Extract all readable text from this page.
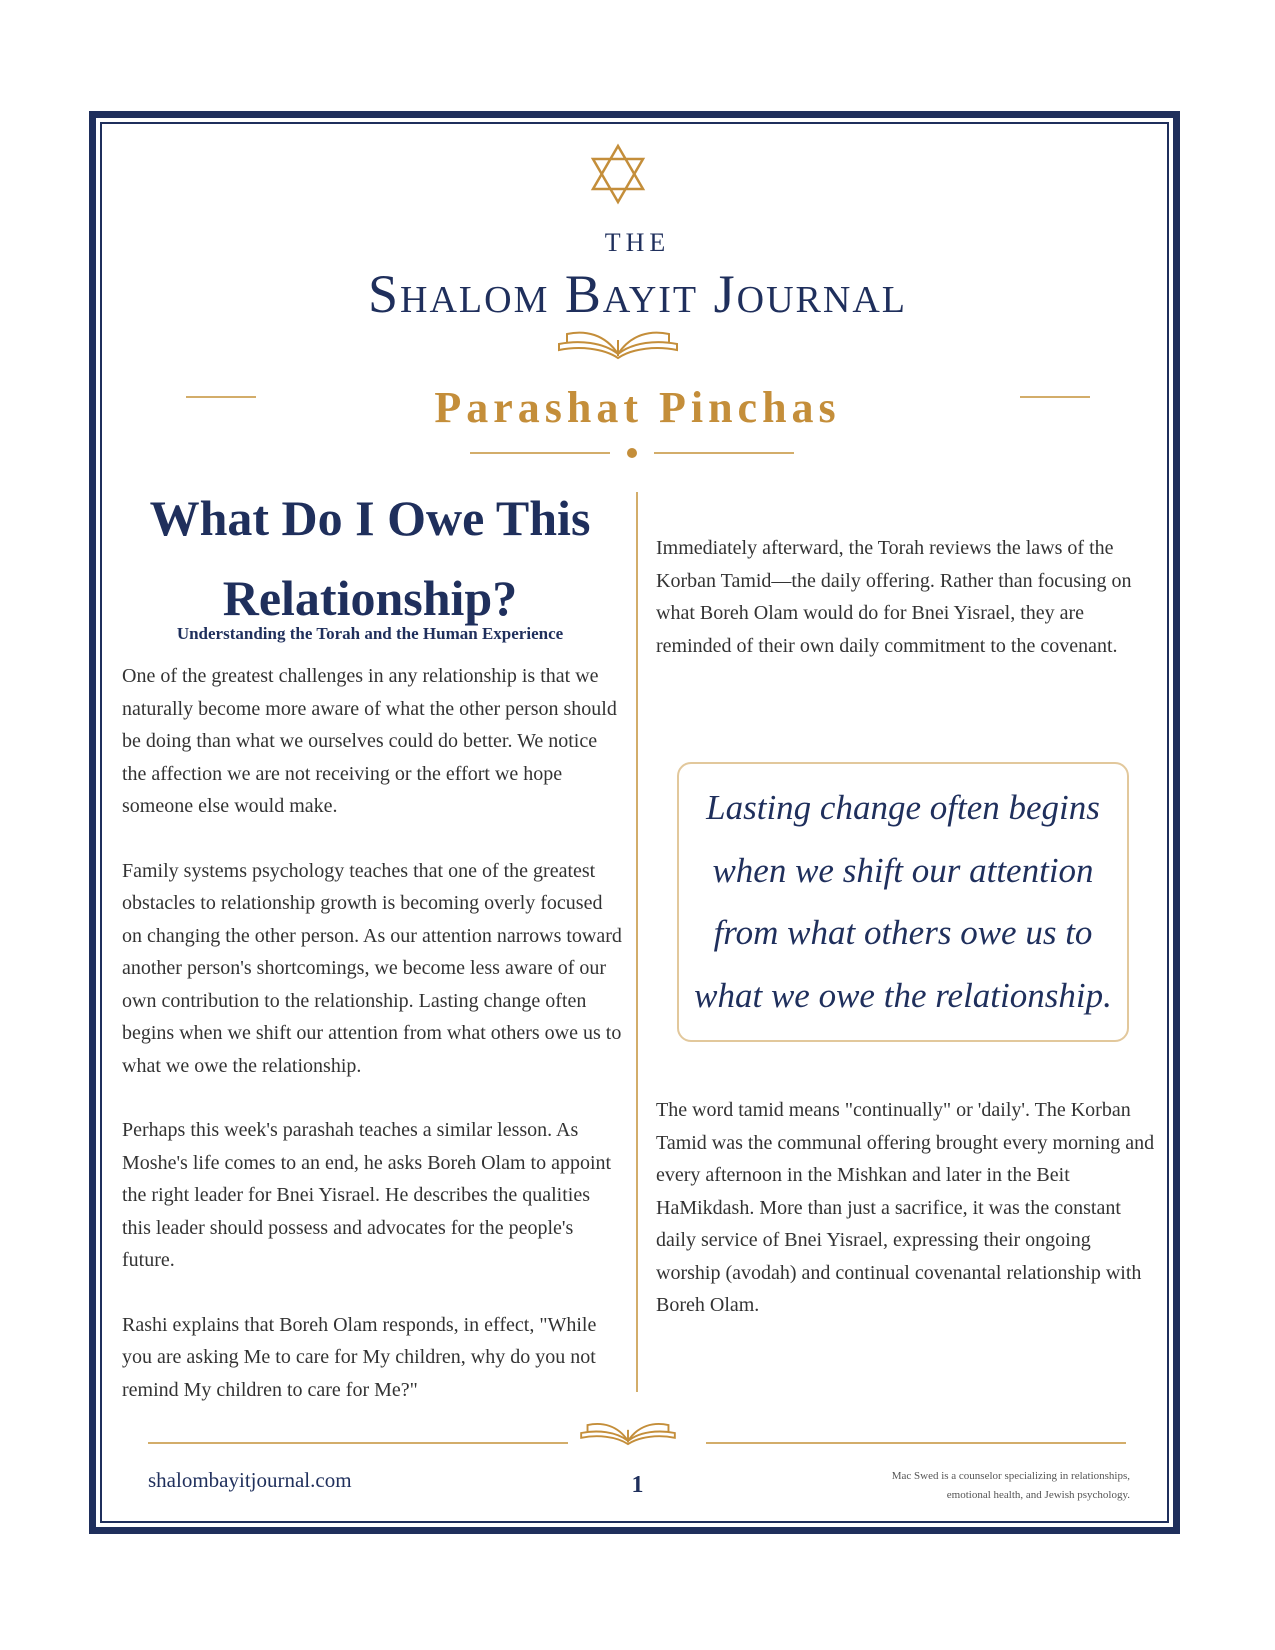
THE
Shalom Bayit Journal
Parashat Pinchas
What Do I Owe This
Relationship?
Understanding the Torah and the Human Experience

One of the greatest challenges in any relationship is that we naturally become more aware of what the other person should be doing than what we ourselves could do better. We notice the affection we are not receiving or the effort we hope someone else would make.

Family systems psychology teaches that one of the greatest obstacles to relationship growth is becoming overly focused on changing the other person. As our attention narrows toward another person's shortcomings, we become less aware of our own contribution to the relationship. Lasting change often begins when we shift our attention from what others owe us to what we owe the relationship.

Perhaps this week's parashah teaches a similar lesson. As Moshe's life comes to an end, he asks Boreh Olam to appoint the right leader for Bnei Yisrael. He describes the qualities this leader should possess and advocates for the people's future.

Rashi explains that Boreh Olam responds, in effect, "While you are asking Me to care for My children, why do you not remind My children to care for Me?"

Immediately afterward, the Torah reviews the laws of the Korban Tamid—the daily offering. Rather than focusing on what Boreh Olam would do for Bnei Yisrael, they are reminded of their own daily commitment to the covenant.

Lasting change often begins when we shift our attention from what others owe us to what we owe the relationship.

The word tamid means "continually" or 'daily'. The Korban Tamid was the communal offering brought every morning and every afternoon in the Mishkan and later in the Beit HaMikdash. More than just a sacrifice, it was the constant daily service of Bnei Yisrael, expressing their ongoing worship (avodah) and continual covenantal relationship with Boreh Olam.

shalombayitjournal.com	1	Mac Swed is a counselor specializing in relationships,
emotional health, and Jewish psychology.
